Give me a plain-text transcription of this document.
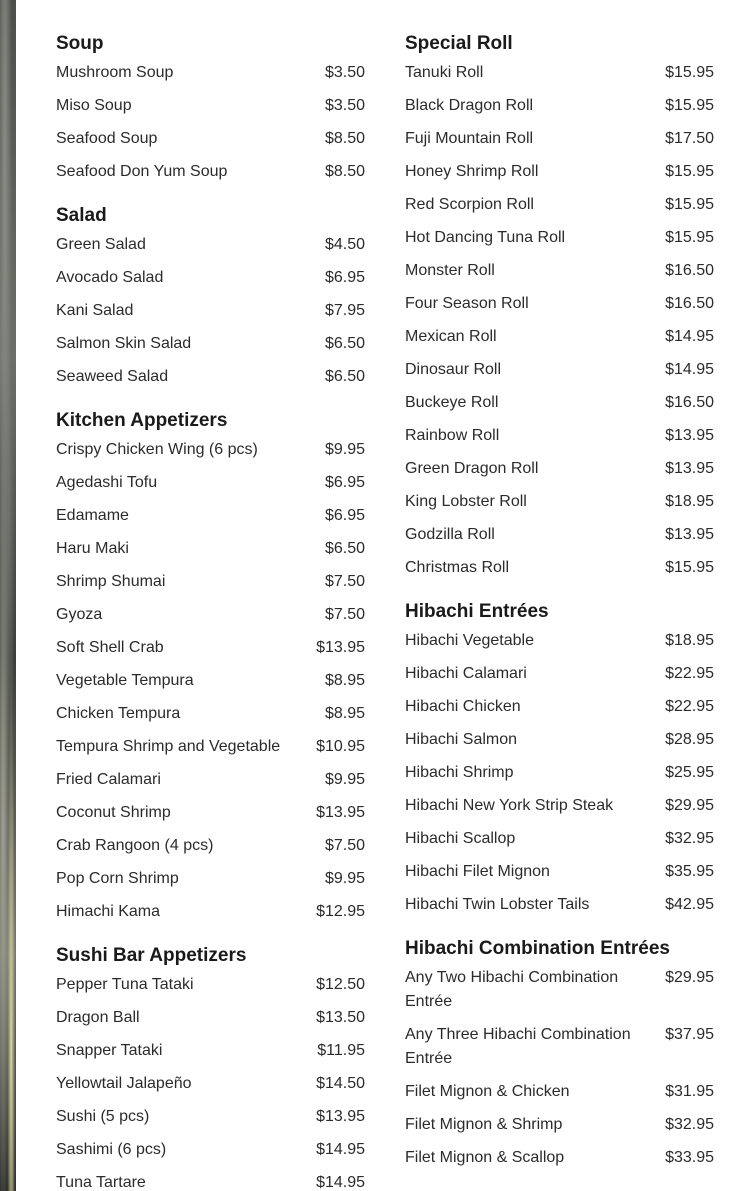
Soup
Mushroom Soup	$3.50
Miso Soup	$3.50
Seafood Soup	$8.50
Seafood Don Yum Soup	$8.50
Salad
Green Salad	$4.50
Avocado Salad	$6.95
Kani Salad	$7.95
Salmon Skin Salad	$6.50
Seaweed Salad	$6.50
Kitchen Appetizers
Crispy Chicken Wing (6 pcs)	$9.95
Agedashi Tofu	$6.95
Edamame	$6.95
Haru Maki	$6.50
Shrimp Shumai	$7.50
Gyoza	$7.50
Soft Shell Crab	$13.95
Vegetable Tempura	$8.95
Chicken Tempura	$8.95
Tempura Shrimp and Vegetable	$10.95
Fried Calamari	$9.95
Coconut Shrimp	$13.95
Crab Rangoon (4 pcs)	$7.50
Pop Corn Shrimp	$9.95
Himachi Kama	$12.95
Sushi Bar Appetizers
Pepper Tuna Tataki	$12.50
Dragon Ball	$13.50
Snapper Tataki	$11.95
Yellowtail Jalapeño	$14.50
Sushi (5 pcs)	$13.95
Sashimi (6 pcs)	$14.95
Tuna Tartare	$14.95
Special Roll
Tanuki Roll	$15.95
Black Dragon Roll	$15.95
Fuji Mountain Roll	$17.50
Honey Shrimp Roll	$15.95
Red Scorpion Roll	$15.95
Hot Dancing Tuna Roll	$15.95
Monster Roll	$16.50
Four Season Roll	$16.50
Mexican Roll	$14.95
Dinosaur Roll	$14.95
Buckeye Roll	$16.50
Rainbow Roll	$13.95
Green Dragon Roll	$13.95
King Lobster Roll	$18.95
Godzilla Roll	$13.95
Christmas Roll	$15.95
Hibachi Entrées
Hibachi Vegetable	$18.95
Hibachi Calamari	$22.95
Hibachi Chicken	$22.95
Hibachi Salmon	$28.95
Hibachi Shrimp	$25.95
Hibachi New York Strip Steak	$29.95
Hibachi Scallop	$32.95
Hibachi Filet Mignon	$35.95
Hibachi Twin Lobster Tails	$42.95
Hibachi Combination Entrées
Any Two Hibachi Combination Entrée
$29.95
Any Three Hibachi Combination Entrée
$37.95
Filet Mignon & Chicken	$31.95
Filet Mignon & Shrimp	$32.95
Filet Mignon & Scallop	$33.95
